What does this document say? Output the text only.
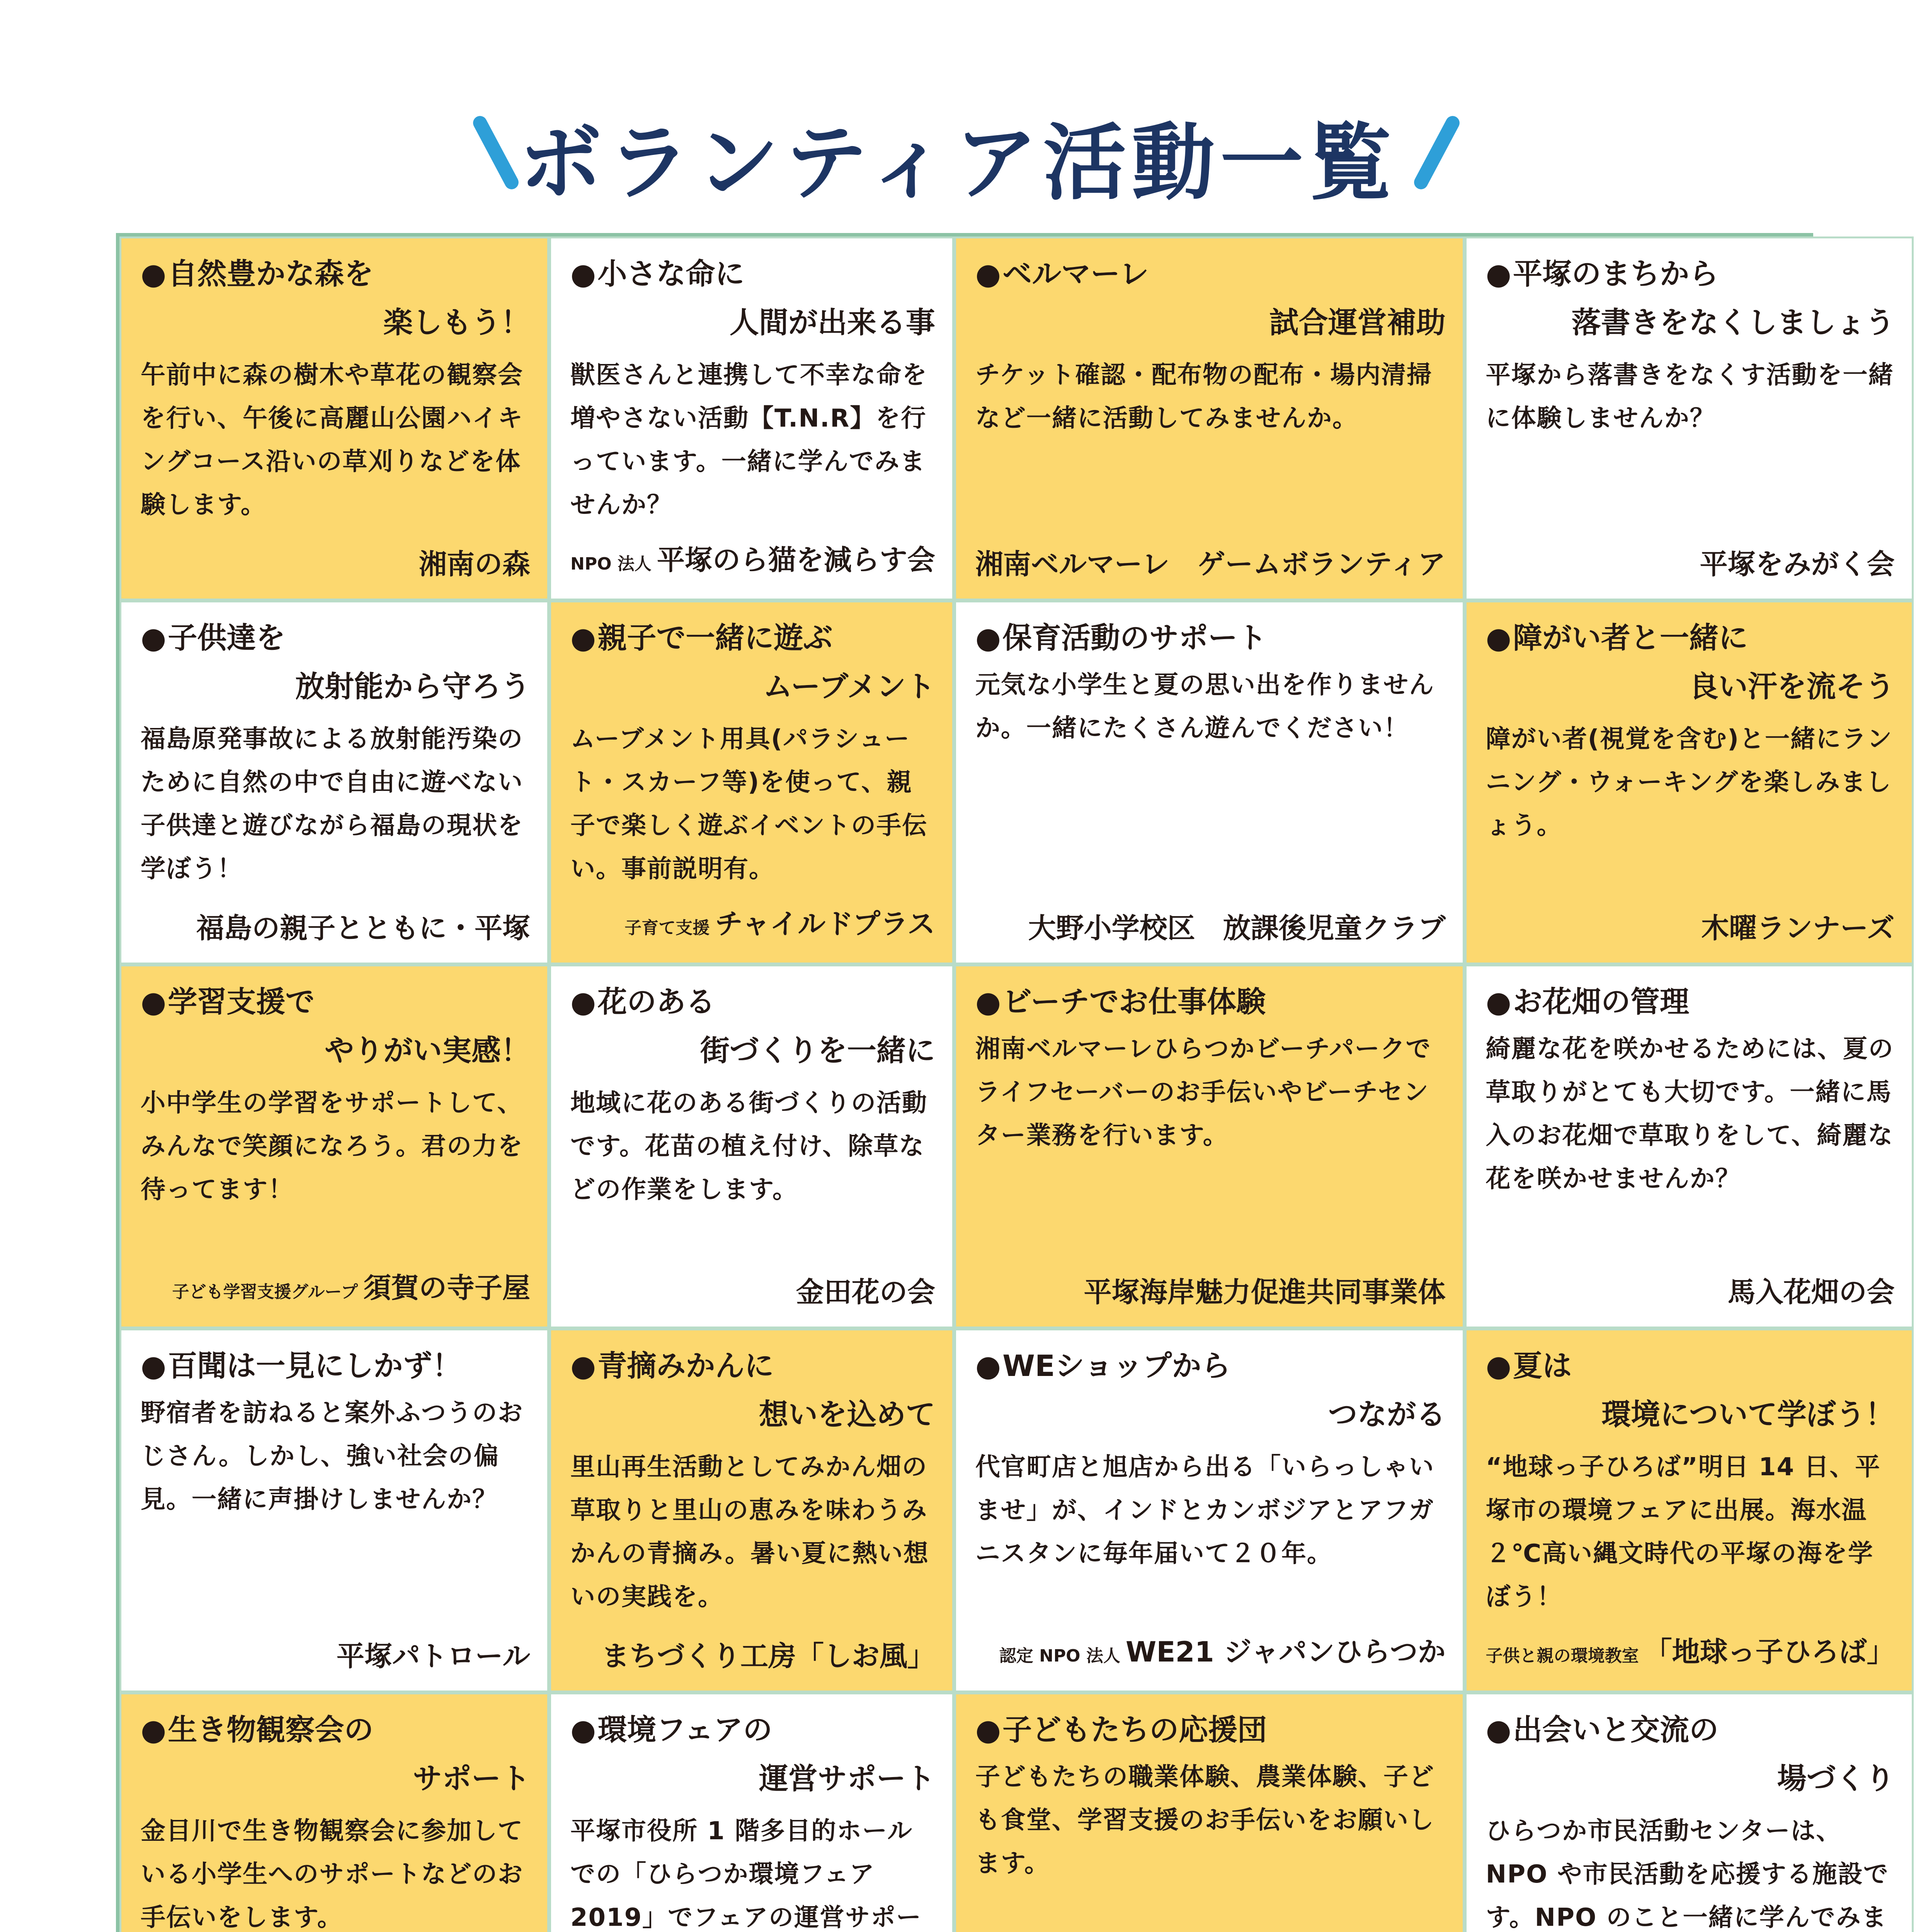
ボランティア活動一覧
● 自然豊かな森を
楽しもう！
午前中に森の樹木や草花の観察会を行い、午後に高麗山公園ハイキングコース沿いの草刈りなどを体験します。
湘南の森
● 小さな命に
人間が出来る事
獣医さんと連携して不幸な命を増やさない活動【T.N.R】を行っています。一緒に学んでみませんか？
NPO 法人 平塚のら猫を減らす会
● ベルマーレ
試合運営補助
チケット確認・配布物の配布・場内清掃など一緒に活動してみませんか。
湘南ベルマーレ　ゲームボランティア
● 平塚のまちから
落書きをなくしましょう
平塚から落書きをなくす活動を一緒に体験しませんか？
平塚をみがく会
● 子供達を
放射能から守ろう
福島原発事故による放射能汚染のために自然の中で自由に遊べない子供達と遊びながら福島の現状を学ぼう！
福島の親子とともに・平塚
● 親子で一緒に遊ぶ
ムーブメント
ムーブメント用具(パラシュート・スカーフ等)を使って、親子で楽しく遊ぶイベントの手伝い。事前説明有。
子育て支援 チャイルドプラス
● 保育活動のサポート
元気な小学生と夏の思い出を作りませんか。一緒にたくさん遊んでください！
大野小学校区　放課後児童クラブ
● 障がい者と一緒に
良い汗を流そう
障がい者(視覚を含む)と一緒にランニング・ウォーキングを楽しみましょう。
木曜ランナーズ
● 学習支援で
やりがい実感！
小中学生の学習をサポートして、みんなで笑顔になろう。君の力を待ってます！
子ども学習支援グループ 須賀の寺子屋
● 花のある
街づくりを一緒に
地域に花のある街づくりの活動です。花苗の植え付け、除草などの作業をします。
金田花の会
● ビーチでお仕事体験
湘南ベルマーレひらつかビーチパークでライフセーバーのお手伝いやビーチセンター業務を行います。
平塚海岸魅力促進共同事業体
● お花畑の管理
綺麗な花を咲かせるためには、夏の草取りがとても大切です。一緒に馬入のお花畑で草取りをして、綺麗な花を咲かせませんか？
馬入花畑の会
● 百聞は一見にしかず！
野宿者を訪ねると案外ふつうのおじさん。しかし、強い社会の偏見。一緒に声掛けしませんか？
平塚パトロール
● 青摘みかんに
想いを込めて
里山再生活動としてみかん畑の草取りと里山の恵みを味わうみかんの青摘み。暑い夏に熱い想いの実践を。
まちづくり工房「しお風」
● WEショップから
つながる
代官町店と旭店から出る「いらっしゃいませ」が、インドとカンボジアとアフガニスタンに毎年届いて２０年。
認定 NPO 法人 WE21 ジャパンひらつか
● 夏は
環境について学ぼう！
“地球っ子ひろば”明日 14 日、平塚市の環境フェアに出展。海水温２℃高い縄文時代の平塚の海を学ぼう！
子供と親の環境教室 「地球っ子ひろば」
● 生き物観察会の
サポート
金目川で生き物観察会に参加している小学生へのサポートなどのお手伝いをします。
● 環境フェアの
運営サポート
平塚市役所 1 階多目的ホールでの「ひらつか環境フェア2019」でフェアの運営サポー
● 子どもたちの応援団
子どもたちの職業体験、農業体験、子ども食堂、学習支援のお手伝いをお願いします。
● 出会いと交流の
場づくり
ひらつか市民活動センターは、NPO や市民活動を応援する施設です。NPO のこと一緒に学んでみま
